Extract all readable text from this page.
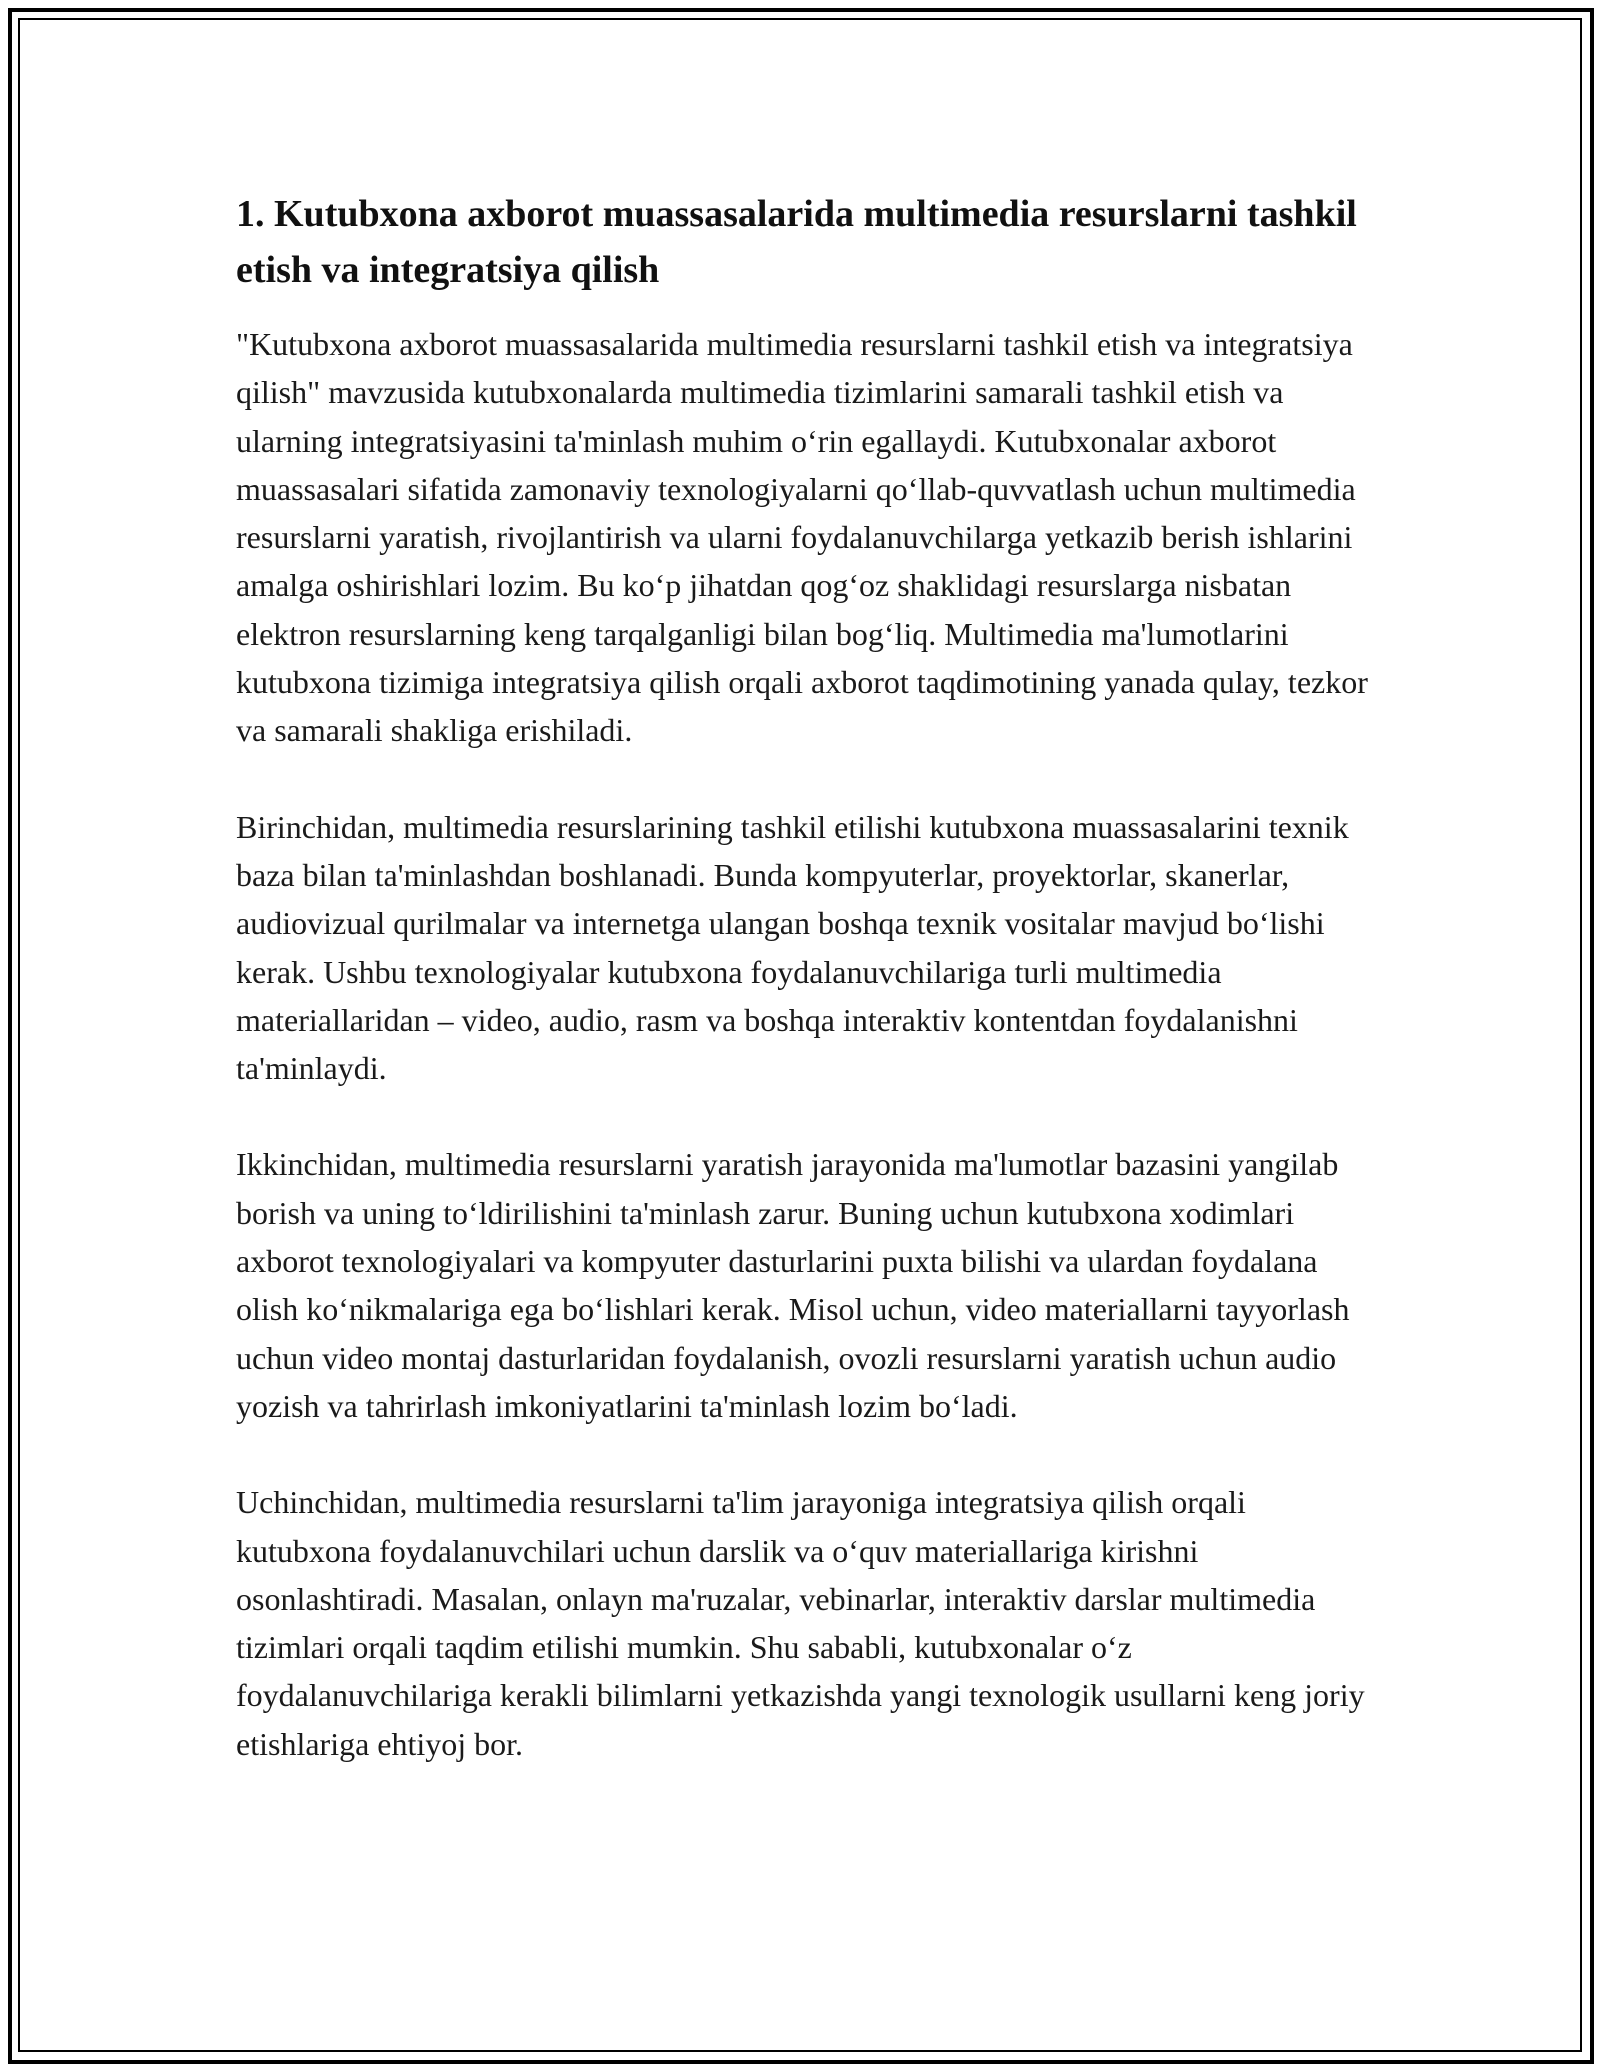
1. Kutubxona axborot muassasalarida multimedia resurslarni tashkil etish va integratsiya qilish

"Kutubxona axborot muassasalarida multimedia resurslarni tashkil etish va integratsiya qilish" mavzusida kutubxonalarda multimedia tizimlarini samarali tashkil etish va ularning integratsiyasini ta'minlash muhim oʻrin egallaydi. Kutubxonalar axborot muassasalari sifatida zamonaviy texnologiyalarni qoʻllab-quvvatlash uchun multimedia resurslarni yaratish, rivojlantirish va ularni foydalanuvchilarga yetkazib berish ishlarini amalga oshirishlari lozim. Bu koʻp jihatdan qogʻoz shaklidagi resurslarga nisbatan elektron resurslarning keng tarqalganligi bilan bogʻliq. Multimedia ma'lumotlarini kutubxona tizimiga integratsiya qilish orqali axborot taqdimotining yanada qulay, tezkor va samarali shakliga erishiladi.

Birinchidan, multimedia resurslarining tashkil etilishi kutubxona muassasalarini texnik baza bilan ta'minlashdan boshlanadi. Bunda kompyuterlar, proyektorlar, skanerlar, audiovizual qurilmalar va internetga ulangan boshqa texnik vositalar mavjud boʻlishi kerak. Ushbu texnologiyalar kutubxona foydalanuvchilariga turli multimedia materiallaridan – video, audio, rasm va boshqa interaktiv kontentdan foydalanishni ta'minlaydi.

Ikkinchidan, multimedia resurslarni yaratish jarayonida ma'lumotlar bazasini yangilab borish va uning toʻldirilishini ta'minlash zarur. Buning uchun kutubxona xodimlari axborot texnologiyalari va kompyuter dasturlarini puxta bilishi va ulardan foydalana olish koʻnikmalariga ega boʻlishlari kerak. Misol uchun, video materiallarni tayyorlash uchun video montaj dasturlaridan foydalanish, ovozli resurslarni yaratish uchun audio yozish va tahrirlash imkoniyatlarini ta'minlash lozim boʻladi.

Uchinchidan, multimedia resurslarni ta'lim jarayoniga integratsiya qilish orqali kutubxona foydalanuvchilari uchun darslik va oʻquv materiallariga kirishni osonlashtiradi. Masalan, onlayn ma'ruzalar, vebinarlar, interaktiv darslar multimedia tizimlari orqali taqdim etilishi mumkin. Shu sababli, kutubxonalar oʻz foydalanuvchilariga kerakli bilimlarni yetkazishda yangi texnologik usullarni keng joriy etishlariga ehtiyoj bor.
